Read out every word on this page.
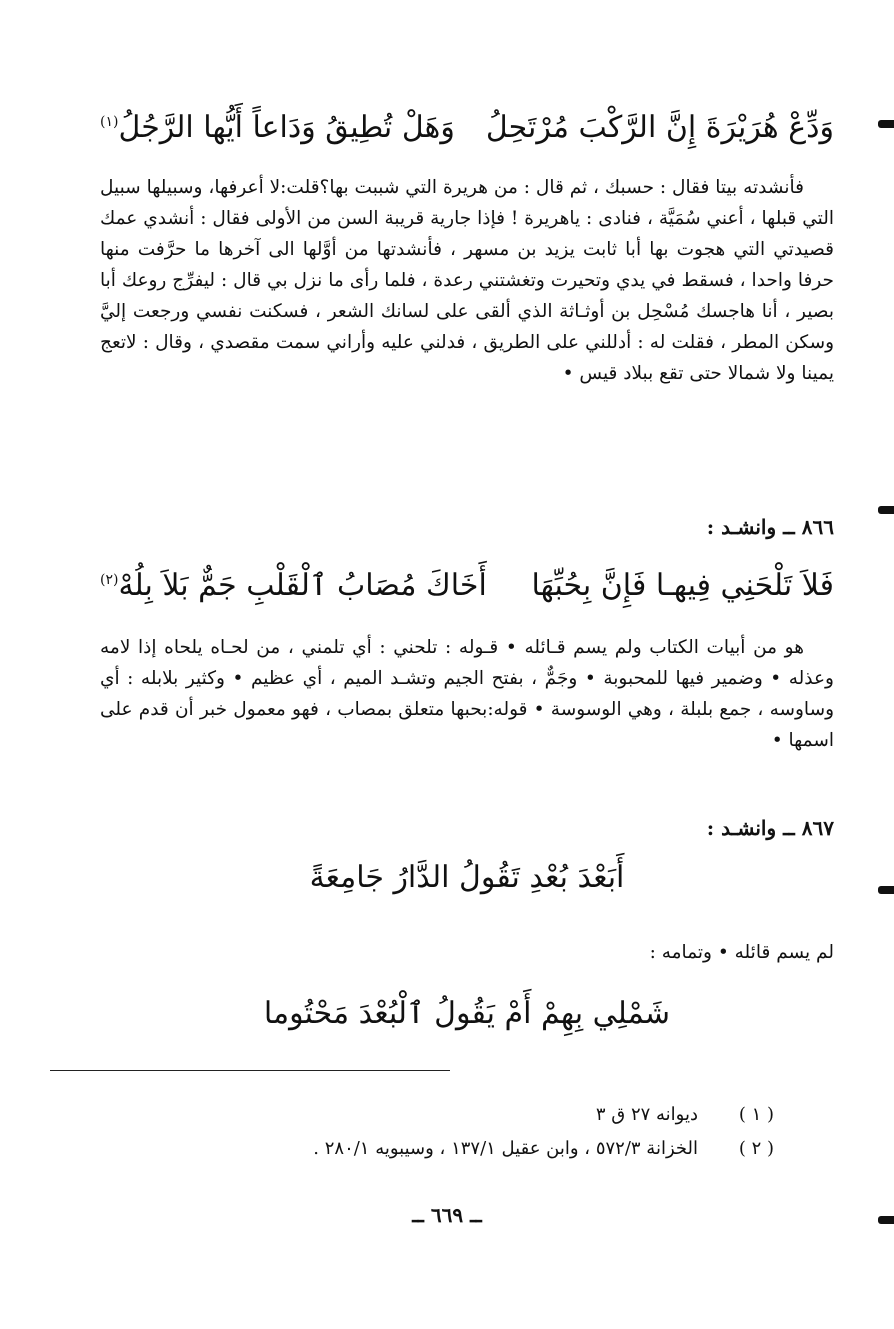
وَدِّعْ هُرَيْرَةَ إِنَّ الرَّكْبَ مُرْتَحِلُ
وَهَلْ تُطِيقُ وَدَاعاً أَيُّها الرَّجُلُ$^{(١)}$

فأنشدته بيتا فقال : حسبك ، ثم قال : من هريرة التي شببت بها؟قلت:لا أعرفها، وسبيلها سبيل التي قبلها ، أعني سُمَيَّة ، فنادى : ياهريرة ! فإذا جارية قريبة السن من الأولى فقال : أنشدي عمك قصيدتي التي هجوت بها أبا ثابت يزيد بن مسهر ، فأنشدتها من أوَّلها الى آخرها ما حرَّفت منها حرفا واحدا ، فسقط في يدي وتحيرت وتغشتني رعدة ، فلما رأى ما نزل بي قال : ليفرِّج روعك أبا بصير ، أنا هاجسك مُسْحِل بن أوثـاثة الذي ألقى على لسانك الشعر ، فسكنت نفسي ورجعت إليَّ وسكن المطر ، فقلت له : أدللني على الطريق ، فدلني عليه وأراني سمت مقصدي ، وقال : لاتعج يمينا ولا شمالا حتى تقع ببلاد قيس •

٨٦٦ ــ وانشـد :
فَلاَ تَلْحَنِي فِيهـا فَإِنَّ بِحُبِّهَا
أَخَاكَ مُصَابُ ٱلْقَلْبِ جَمٌّ بَلاَ بِلُهْ$^{(٢)}$

هو من أبيات الكتاب ولم يسم قـائله • قـوله : تلحني : أي تلمني ، من لحـاه يلحاه إذا لامه وعذله • وضمير فيها للمحبوبة • وجَمٌّ ، بفتح الجيم وتشـد الميم ، أي عظيم • وكثير بلابله : أي وساوسه ، جمع بلبلة ، وهي الوسوسة • قوله:بحبها متعلق بمصاب ، فهو معمول خبر أن قدم على اسمها •

٨٦٧ ــ وانشـد :
أَبَعْدَ بُعْدِ تَقُولُ الدَّارُ جَامِعَةً
لم يسم قائله • وتمامه :
شَمْلِي بِهِمْ أَمْ يَقُولُ ٱلْبُعْدَ مَحْتُوما
( ١ )
ديوانه ٢٧ ق ٣
( ٢ )
الخزانة ٥٧٢/٣ ، وابن عقيل ١٣٧/١ ، وسيبويه ٢٨٠/١ .
ــ ٦٦٩ ــ
